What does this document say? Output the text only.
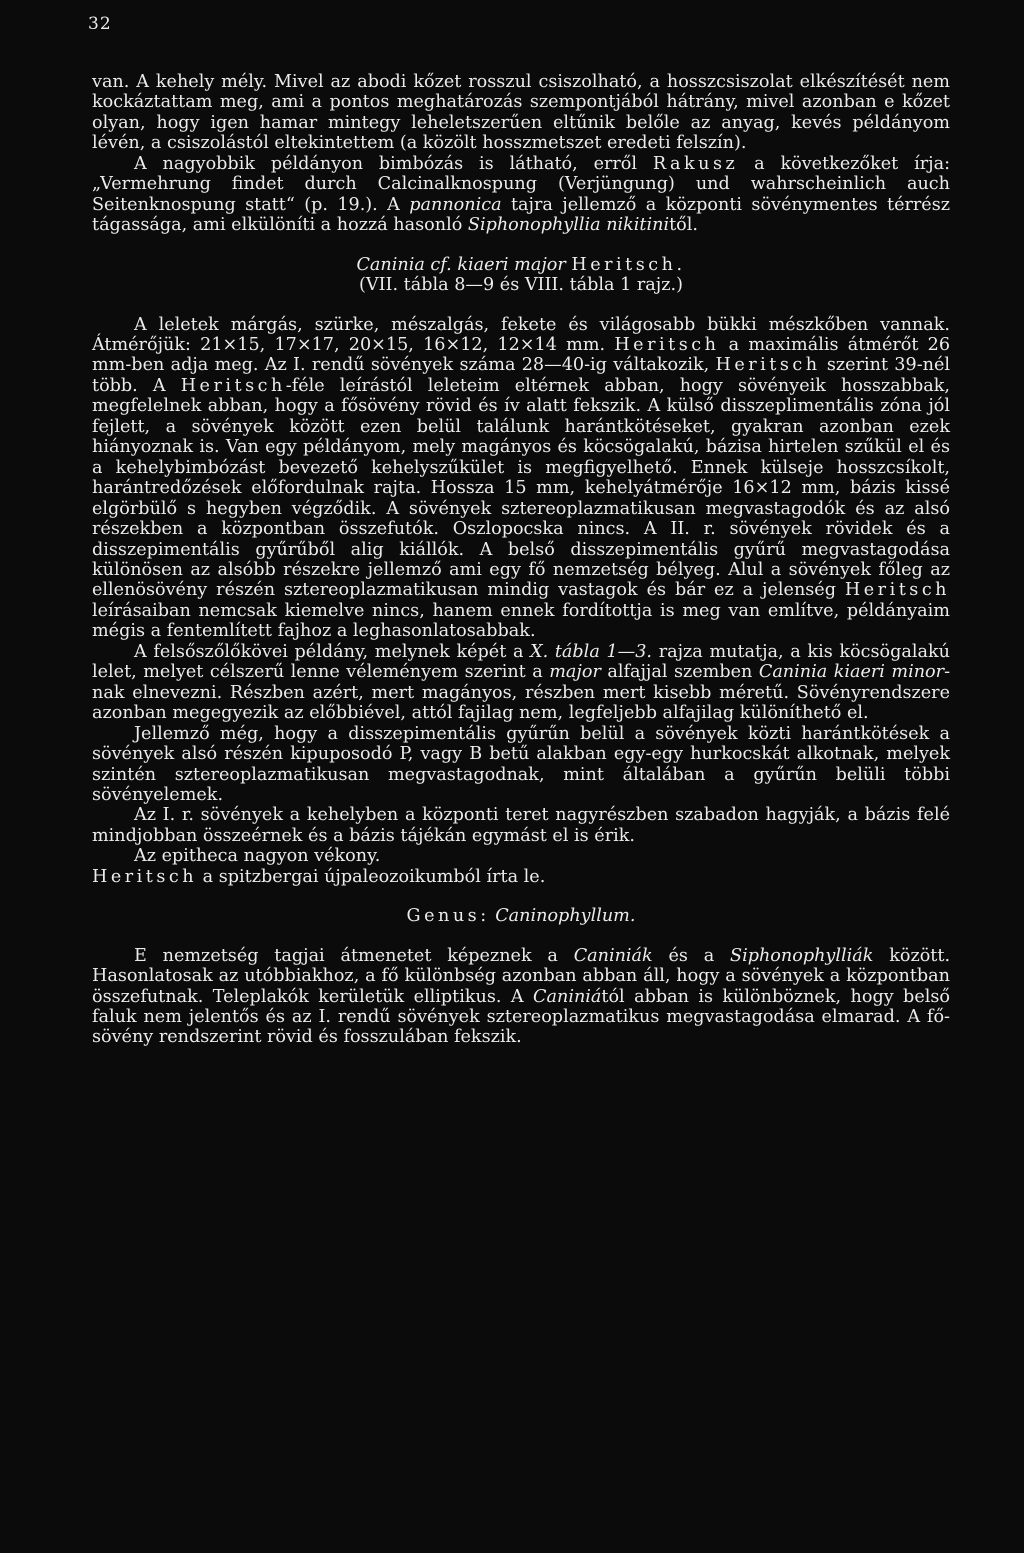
32

van. A kehely mély. Mivel az abodi kőzet rosszul csiszolható, a hosszcsiszolat elkészítését nem kockáztattam meg, ami a pontos meghatározás szempontjából hátrány, mivel azonban e kőzet olyan, hogy igen hamar mintegy leheletszerűen eltűnik belőle az anyag, kevés példányom lévén, a csiszolástól eltekintettem (a közölt hosszmetszet eredeti felszín).

A nagyobbik példányon bimbózás is látható, erről Rakusz a következőket írja: „Vermehrung findet durch Calcinalknospung (Verjüngung) und wahrscheinlich auch Seitenknospung statt“ (p. 19.). A pannonica tajra jellemző a központi sövénymentes térrész tágassága, ami elkülöníti a hozzá hasonló Siphonophyllia nikitinitől.

Caninia cf. kiaeri major Heritsch.

(VII. tábla 8—9 és VIII. tábla 1 rajz.)

A leletek márgás, szürke, mészalgás, fekete és világosabb bükki mészkőben vannak. Átmérőjük: 21×15, 17×17, 20×15, 16×12, 12×14 mm. Heritsch a maximális átmérőt 26 mm-ben adja meg. Az I. rendű sövények száma 28—40-ig váltakozik, Heritsch szerint 39-nél több. A Heritsch-féle leírástól leleteim eltérnek abban, hogy sövényeik hosszabbak, megfelelnek abban, hogy a fősövény rövid és ív alatt fekszik. A külső disszeplimentális zóna jól fejlett, a sövények között ezen belül találunk harántkötéseket, gyakran azonban ezek hiányoznak is. Van egy példányom, mely magányos és köcsögalakú, bázisa hirtelen szűkül el és a kehelybimbózást bevezető kehelyszűkület is megfigyelhető. Ennek külseje hosszcsíkolt, harántredőzések előfordulnak rajta. Hossza 15 mm, kehelyátmérője 16×12 mm, bázis kissé elgörbülő s hegyben végződik. A sövények sztereoplazmatikusan megvastagodók és az alsó részekben a központban összefutók. Oszlopocska nincs. A II. r. sövények rövidek és a disszepimentális gyűrűből alig kiállók. A belső disszepimentális gyűrű megvastagodása különösen az alsóbb részekre jellemző ami egy fő nemzetség bélyeg. Alul a sövények főleg az ellenösövény részén sztereoplazmatikusan mindig vastagok és bár ez a jelenség Heritsch leírásaiban nemcsak kiemelve nincs, hanem ennek fordítottja is meg van említve, példányaim mégis a fentemlített fajhoz a leghasonlatosabbak.

A felsőszőlőkövei példány, melynek képét a X. tábla 1—3. rajza mutatja, a kis köcsögalakú lelet, melyet célszerű lenne véleményem szerint a major alfajjal szemben Caninia kiaeri minor-nak elnevezni. Részben azért, mert magányos, részben mert kisebb méretű. Sövényrendszere azonban megegyezik az előbbiével, attól fajilag nem, legfeljebb alfajilag különíthető el.

Jellemző még, hogy a disszepimentális gyűrűn belül a sövények közti harántkötések a sövények alsó részén kipuposodó P, vagy B betű alakban egy-egy hurkocskát alkotnak, melyek szintén sztereoplazmatikusan megvastagodnak, mint általában a gyűrűn belüli többi sövényelemek.

Az I. r. sövények a kehelyben a központi teret nagyrészben szabadon hagyják, a bázis felé mindjobban összeérnek és a bázis tájékán egymást el is érik.

Az epitheca nagyon vékony.

Heritsch a spitzbergai újpaleozoikumból írta le.

Genus: Caninophyllum.

E nemzetség tagjai átmenetet képeznek a Caniniák és a Siphonophylliák között. Hasonlatosak az utóbbiakhoz, a fő különbség azonban abban áll, hogy a sövények a központban összefutnak. Teleplakók kerületük elliptikus. A Caniniától abban is különböznek, hogy belső faluk nem jelentős és az I. rendű sövények sztereoplazmatikus megvastagodása elmarad. A fősövény rendszerint rövid és fosszulában fekszik.
